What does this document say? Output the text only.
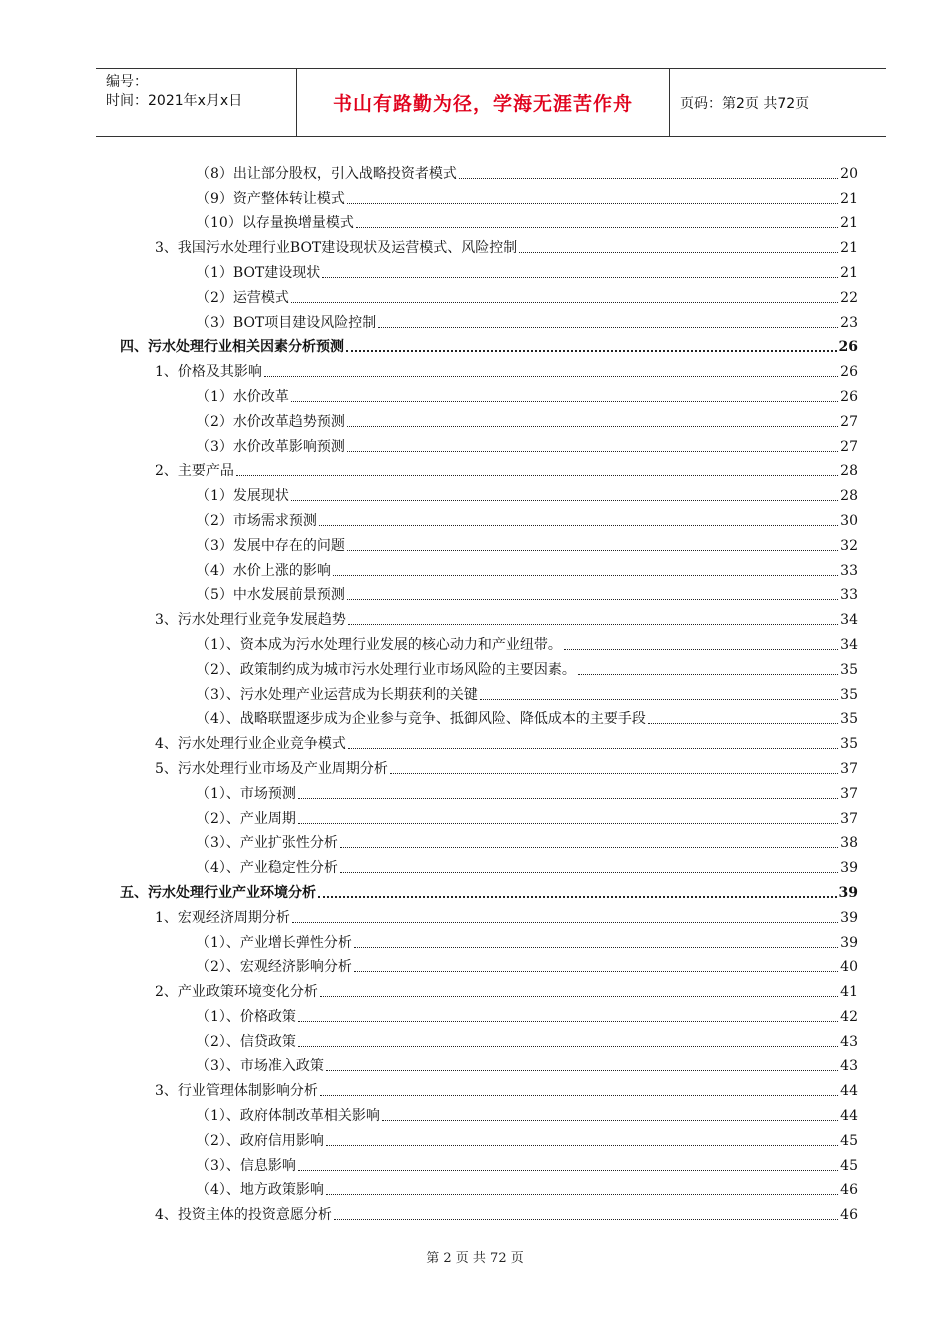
编号：
时间：2021年x月x日	书山有路勤为径，学海无涯苦作舟	页码：第2页 共72页
（8）出让部分股权，引入战略投资者模式	20
（9）资产整体转让模式	21
（10）以存量换增量模式	21
3、我国污水处理行业BOT建设现状及运营模式、风险控制	21
（1）BOT建设现状	21
（2）运营模式	22
（3）BOT项目建设风险控制	23
四、污水处理行业相关因素分析预测	26
1、价格及其影响	26
（1）水价改革	26
（2）水价改革趋势预测	27
（3）水价改革影响预测	27
2、主要产品	28
（1）发展现状	28
（2）市场需求预测	30
（3）发展中存在的问题	32
（4）水价上涨的影响	33
（5）中水发展前景预测	33
3、污水处理行业竞争发展趋势	34
（1）、资本成为污水处理行业发展的核心动力和产业纽带。	34
（2）、政策制约成为城市污水处理行业市场风险的主要因素。	35
（3）、污水处理产业运营成为长期获利的关键	35
（4）、战略联盟逐步成为企业参与竞争、抵御风险、降低成本的主要手段	35
4、污水处理行业企业竞争模式	35
5、污水处理行业市场及产业周期分析	37
（1）、市场预测	37
（2）、产业周期	37
（3）、产业扩张性分析	38
（4）、产业稳定性分析	39
五、污水处理行业产业环境分析	39
1、宏观经济周期分析	39
（1）、产业增长弹性分析	39
（2）、宏观经济影响分析	40
2、产业政策环境变化分析	41
（1）、价格政策	42
（2）、信贷政策	43
（3）、市场准入政策	43
3、行业管理体制影响分析	44
（1）、政府体制改革相关影响	44
（2）、政府信用影响	45
（3）、信息影响	45
（4）、地方政策影响	46
4、投资主体的投资意愿分析	46
第 2 页 共 72 页
